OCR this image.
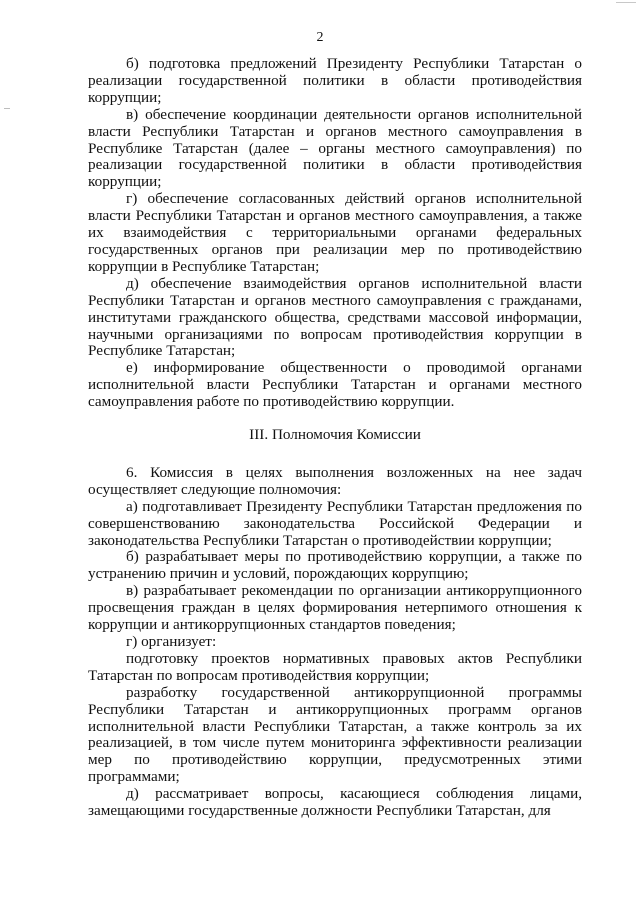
2

б) подготовка предложений Президенту Республики Татарстан о реализации государственной политики в области противодействия коррупции;

в) обеспечение координации деятельности органов исполнительной власти Республики Татарстан и органов местного самоуправления в Республике Татарстан (далее – органы местного самоуправления) по реализации государственной политики в области противодействия коррупции;

г) обеспечение согласованных действий органов исполнительной власти Республики Татарстан и органов местного самоуправления, а также их взаимодействия с территориальными органами федеральных государственных органов при реализации мер по противодействию коррупции в Республике Татарстан;

д) обеспечение взаимодействия органов исполнительной власти Республики Татарстан и органов местного самоуправления с гражданами, институтами гражданского общества, средствами массовой информации, научными организациями по вопросам противодействия коррупции в Республике Татарстан;

е) информирование общественности о проводимой органами исполнительной власти Республики Татарстан и органами местного самоуправления работе по противодействию коррупции.

III. Полномочия Комиссии

6. Комиссия в целях выполнения возложенных на нее задач осуществляет следующие полномочия:

а) подготавливает Президенту Республики Татарстан предложения по совершенствованию законодательства Российской Федерации и законодательства Республики Татарстан о противодействии коррупции;

б) разрабатывает меры по противодействию коррупции, а также по устранению причин и условий, порождающих коррупцию;

в) разрабатывает рекомендации по организации антикоррупционного просвещения граждан в целях формирования нетерпимого отношения к коррупции и антикоррупционных стандартов поведения;

г) организует:

подготовку проектов нормативных правовых актов Республики Татарстан по вопросам противодействия коррупции;

разработку государственной антикоррупционной программы Республики Татарстан и антикоррупционных программ органов исполнительной власти Республики Татарстан, а также контроль за их реализацией, в том числе путем мониторинга эффективности реализации мер по противодействию коррупции, предусмотренных этими программами;

д) рассматривает вопросы, касающиеся соблюдения лицами, замещающими государственные должности Республики Татарстан, для
